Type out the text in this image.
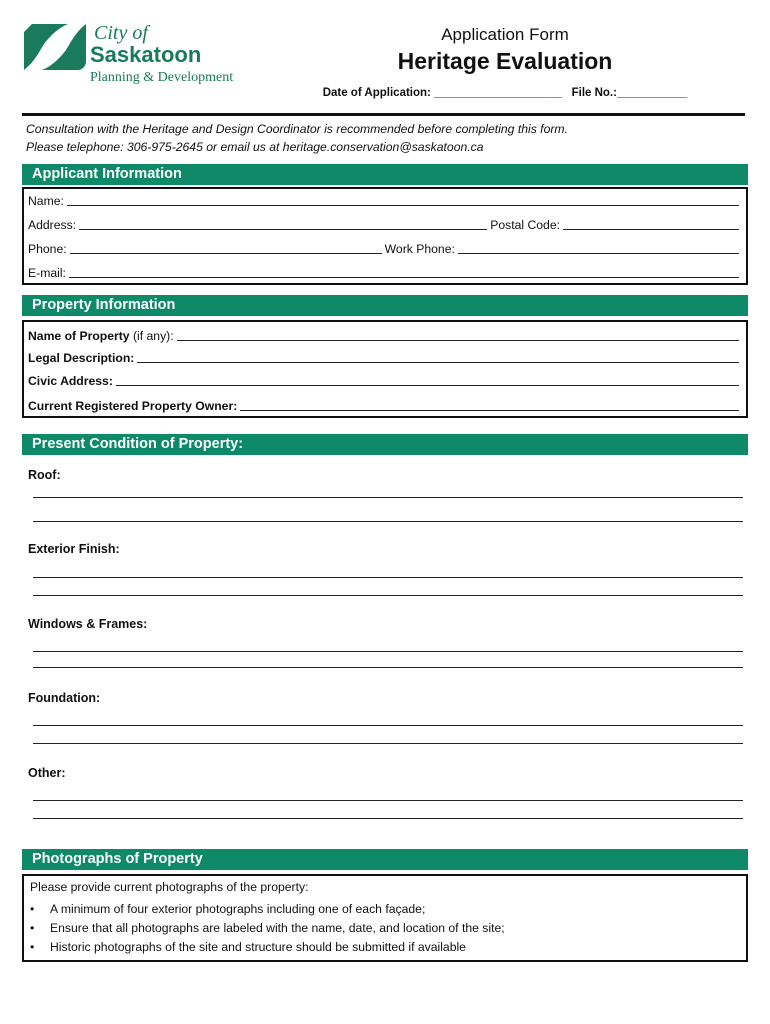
City of
Saskatoon
Planning & Development
Application Form
Heritage Evaluation
Date of Application: ____________________ File No.:___________
Consultation with the Heritage and Design Coordinator is recommended before completing this form.
Please telephone: 306-975-2645 or email us at heritage.conservation@saskatoon.ca
Applicant Information
Name:
Address:	Postal Code:
Phone:	Work Phone:
E-mail:
Property Information
Name of Property (if any):
Legal Description:
Civic Address:
Current Registered Property Owner:
Present Condition of Property:
Roof:
Exterior Finish:
Windows & Frames:
Foundation:
Other:
Photographs of Property
Please provide current photographs of the property:
• A minimum of four exterior photographs including one of each façade;
• Ensure that all photographs are labeled with the name, date, and location of the site;
• Historic photographs of the site and structure should be submitted if available
